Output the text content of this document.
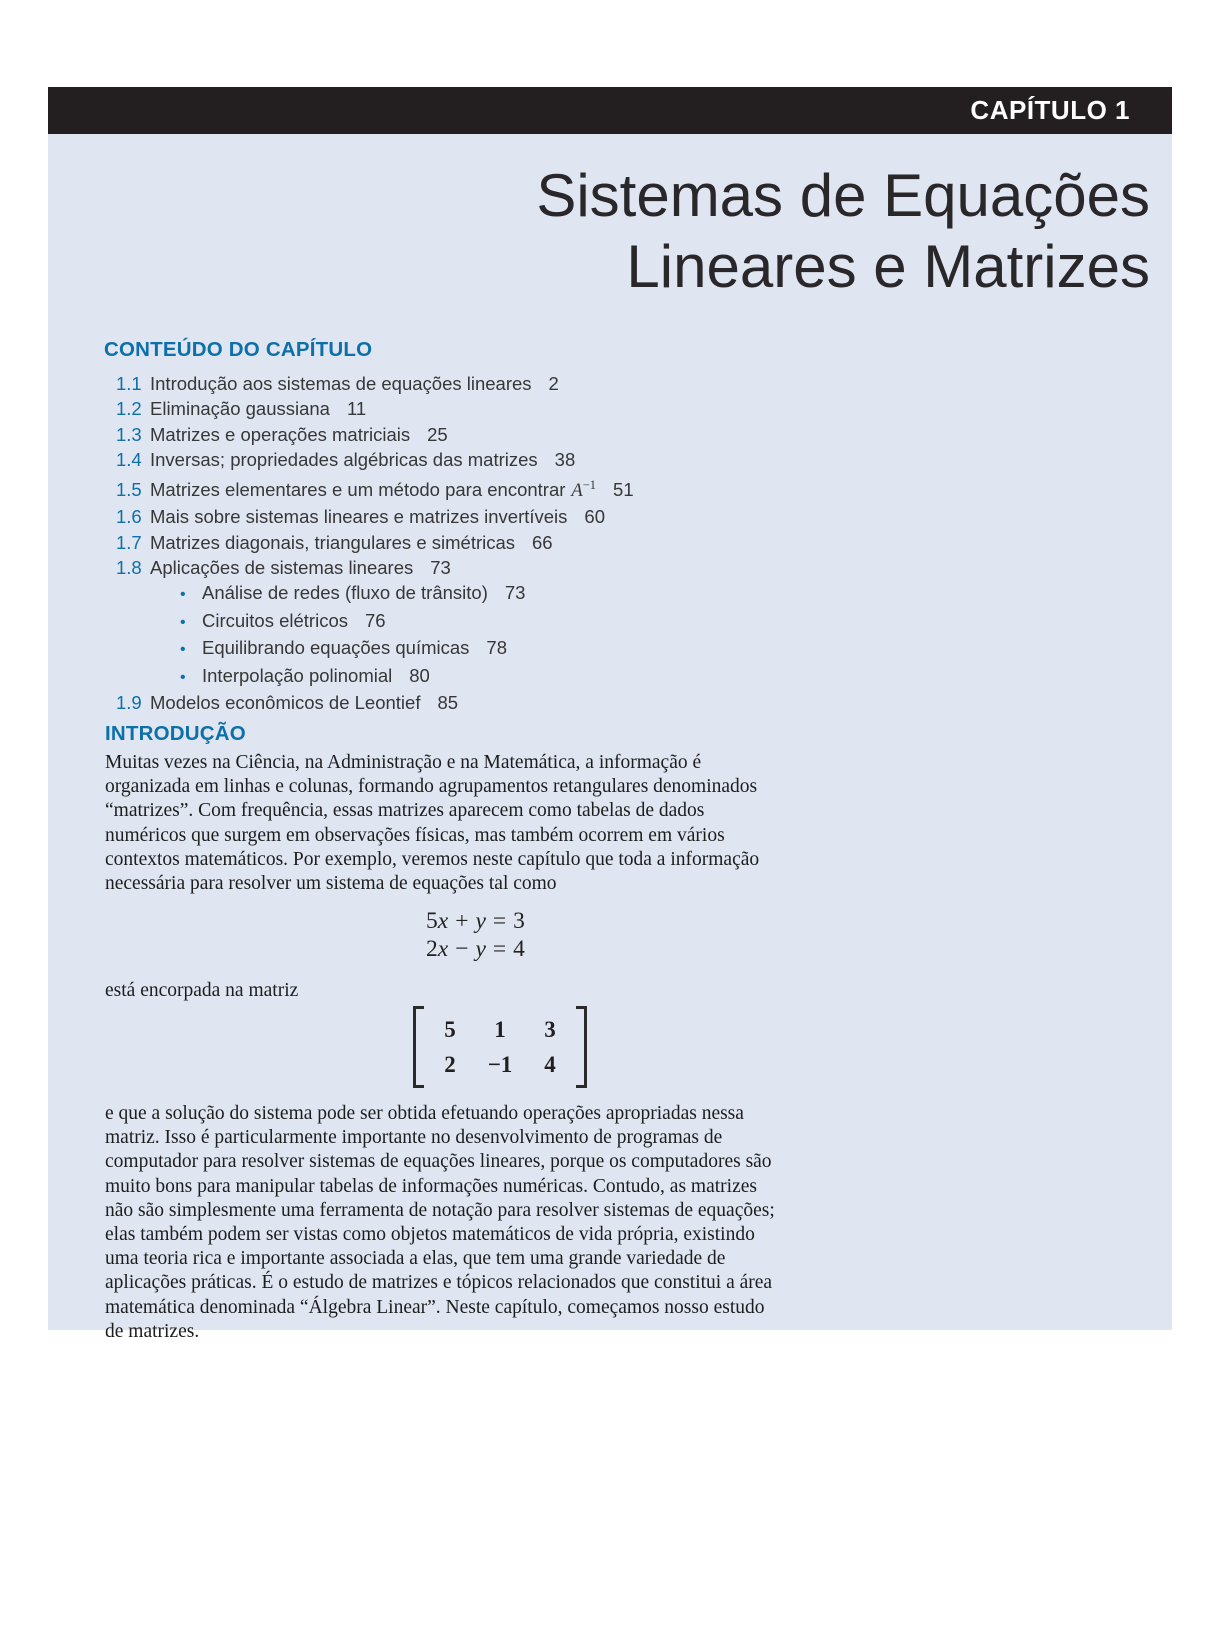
CAPÍTULO 1
Sistemas de Equações
Lineares e Matrizes
CONTEÚDO DO CAPÍTULO
1.1 Introdução aos sistemas de equações lineares 2
1.2 Eliminação gaussiana 11
1.3 Matrizes e operações matriciais 25
1.4 Inversas; propriedades algébricas das matrizes 38
1.5 Matrizes elementares e um método para encontrar $A^{-1}$ 51
1.6 Mais sobre sistemas lineares e matrizes invertíveis 60
1.7 Matrizes diagonais, triangulares e simétricas 66
1.8 Aplicações de sistemas lineares 73
• Análise de redes (fluxo de trânsito) 73
• Circuitos elétricos 76
• Equilibrando equações químicas 78
• Interpolação polinomial 80
1.9 Modelos econômicos de Leontief 85
INTRODUÇÃO
Muitas vezes na Ciência, na Administração e na Matemática, a informação é organizada em linhas e colunas, formando agrupamentos retangulares denominados “matrizes”. Com frequência, essas matrizes aparecem como tabelas de dados numéricos que surgem em observações físicas, mas também ocorrem em vários contextos matemáticos. Por exemplo, veremos neste capítulo que toda a informação necessária para resolver um sistema de equações tal como
5x + y = 3
2x − y = 4
está encorpada na matriz
5	1	3
2	−1	4
e que a solução do sistema pode ser obtida efetuando operações apropriadas nessa matriz. Isso é particularmente importante no desenvolvimento de programas de computador para resolver sistemas de equações lineares, porque os computadores são muito bons para manipular tabelas de informações numéricas. Contudo, as matrizes não são simplesmente uma ferramenta de notação para resolver sistemas de equações; elas também podem ser vistas como objetos matemáticos de vida própria, existindo uma teoria rica e importante associada a elas, que tem uma grande variedade de aplicações práticas. É o estudo de matrizes e tópicos relacionados que constitui a área matemática denominada “Álgebra Linear”. Neste capítulo, começamos nosso estudo de matrizes.
